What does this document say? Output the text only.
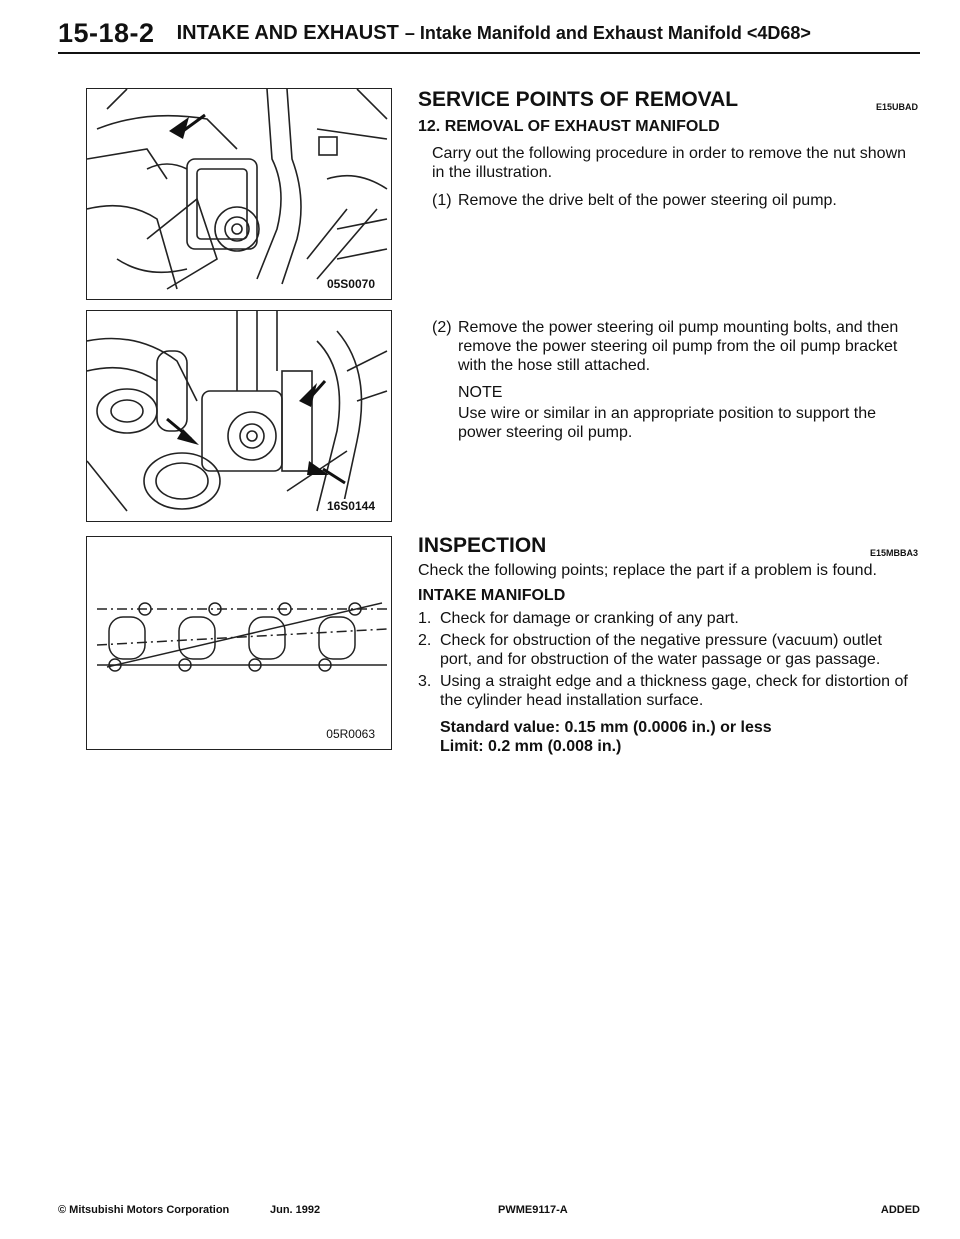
15-18-2 INTAKE AND EXHAUST – Intake Manifold and Exhaust Manifold <4D68>
05S0070
16S0144
05R0063
SERVICE POINTS OF REMOVAL	E15UBAD
12. REMOVAL OF EXHAUST MANIFOLD
Carry out the following procedure in order to remove the nut shown in the illustration.
(1) Remove the drive belt of the power steering oil pump.
(2) Remove the power steering oil pump mounting bolts, and then remove the power steering oil pump from the oil pump bracket with the hose still attached.
NOTE
Use wire or similar in an appropriate position to support the power steering oil pump.
INSPECTION	E15MBBA3
Check the following points; replace the part if a problem is found.
INTAKE MANIFOLD
1. Check for damage or cranking of any part.
2. Check for obstruction of the negative pressure (vacuum) outlet port, and for obstruction of the water passage or gas passage.
3. Using a straight edge and a thickness gage, check for distortion of the cylinder head installation surface.
Standard value: 0.15 mm (0.0006 in.) or less
Limit: 0.2 mm (0.008 in.)
© Mitsubishi Motors Corporation	Jun. 1992	PWME9117-A	ADDED
